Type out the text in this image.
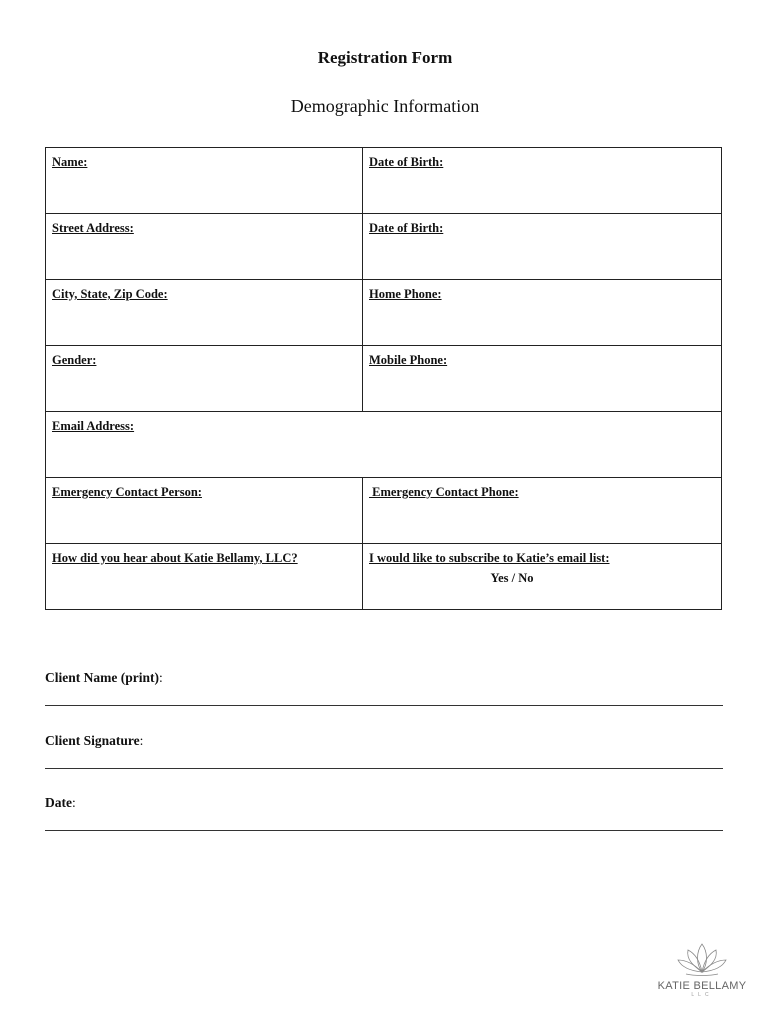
Registration Form
Demographic Information
Name:	Date of Birth:
Street Address:	Date of Birth:
City, State, Zip Code:	Home Phone:
Gender:	Mobile Phone:
Email Address:	
Emergency Contact Person:	Emergency Contact Phone:
How did you hear about Katie Bellamy, LLC?	I would like to subscribe to Katie’s email list:
Yes / No
Client Name (print):
Client Signature:
Date:
KATIE BELLAMY
LLC
